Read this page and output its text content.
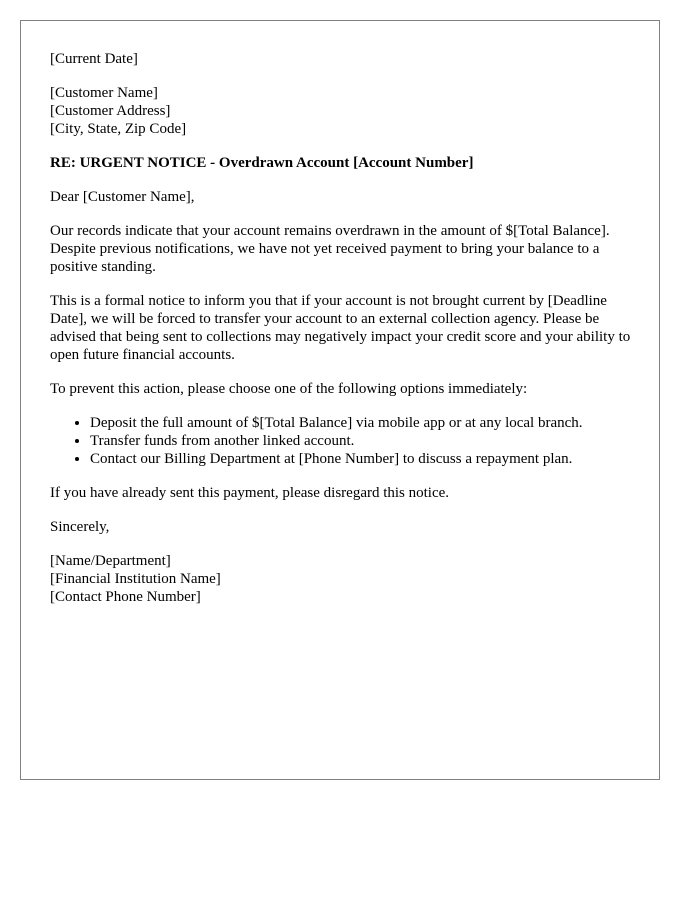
[Current Date]

[Customer Name]
[Customer Address]
[City, State, Zip Code]

RE: URGENT NOTICE - Overdrawn Account [Account Number]

Dear [Customer Name],

Our records indicate that your account remains overdrawn in the amount of $[Total Balance]. Despite previous notifications, we have not yet received payment to bring your balance to a positive standing.

This is a formal notice to inform you that if your account is not brought current by [Deadline Date], we will be forced to transfer your account to an external collection agency. Please be advised that being sent to collections may negatively impact your credit score and your ability to open future financial accounts.

To prevent this action, please choose one of the following options immediately:

• Deposit the full amount of $[Total Balance] via mobile app or at any local branch.
• Transfer funds from another linked account.
• Contact our Billing Department at [Phone Number] to discuss a repayment plan.

If you have already sent this payment, please disregard this notice.

Sincerely,

[Name/Department]
[Financial Institution Name]
[Contact Phone Number]
